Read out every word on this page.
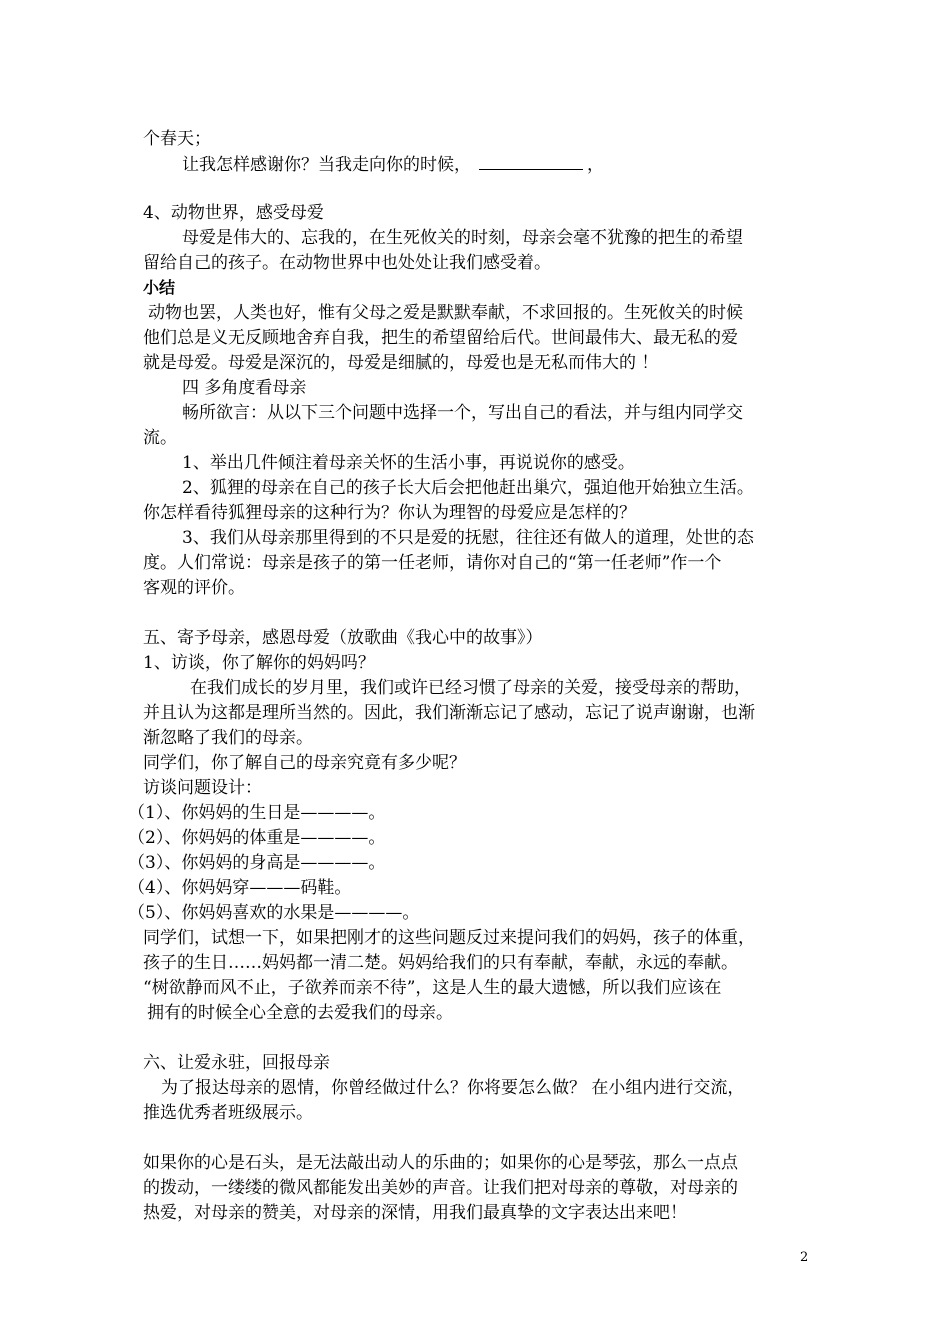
个春天；
让我怎样感谢你？当我走向你的时候，	，
4、动物世界，感受母爱
母爱是伟大的、忘我的，在生死攸关的时刻，母亲会毫不犹豫的把生的希望
留给自己的孩子。在动物世界中也处处让我们感受着。
小结
动物也罢，人类也好，惟有父母之爱是默默奉献，不求回报的。生死攸关的时候
他们总是义无反顾地舍弃自我，把生的希望留给后代。世间最伟大、最无私的爱
就是母爱。母爱是深沉的，母爱是细腻的，母爱也是无私而伟大的 ！
四 多角度看母亲
畅所欲言：从以下三个问题中选择一个，写出自己的看法，并与组内同学交
流。
1、举出几件倾注着母亲关怀的生活小事，再说说你的感受。
2、狐狸的母亲在自己的孩子长大后会把他赶出巢穴，强迫他开始独立生活。
你怎样看待狐狸母亲的这种行为？你认为理智的母爱应是怎样的？
3、我们从母亲那里得到的不只是爱的抚慰，往往还有做人的道理，处世的态
度。人们常说：母亲是孩子的第一任老师，请你对自己的“第一任老师”作一个
客观的评价。
五、寄予母亲，感恩母爱（放歌曲《我心中的故事》）
1、访谈，你了解你的妈妈吗？
在我们成长的岁月里，我们或许已经习惯了母亲的关爱，接受母亲的帮助，
并且认为这都是理所当然的。因此，我们渐渐忘记了感动，忘记了说声谢谢，也渐
渐忽略了我们的母亲。
同学们，你了解自己的母亲究竟有多少呢？
访谈问题设计：
（1）、你妈妈的生日是————。
（2）、你妈妈的体重是————。
（3）、你妈妈的身高是————。
（4）、你妈妈穿———码鞋。
（5）、你妈妈喜欢的水果是————。
同学们，试想一下，如果把刚才的这些问题反过来提问我们的妈妈，孩子的体重，
孩子的生日……妈妈都一清二楚。妈妈给我们的只有奉献，奉献，永远的奉献。
“树欲静而风不止，子欲养而亲不待”，这是人生的最大遗憾，所以我们应该在
拥有的时候全心全意的去爱我们的母亲。
六、让爱永驻，回报母亲
为了报达母亲的恩情，你曾经做过什么？你将要怎么做？ 在小组内进行交流，
推选优秀者班级展示。
如果你的心是石头，是无法敲出动人的乐曲的；如果你的心是琴弦，那么一点点
的拨动，一缕缕的微风都能发出美妙的声音。让我们把对母亲的尊敬，对母亲的
热爱，对母亲的赞美，对母亲的深情，用我们最真挚的文字表达出来吧！
2
